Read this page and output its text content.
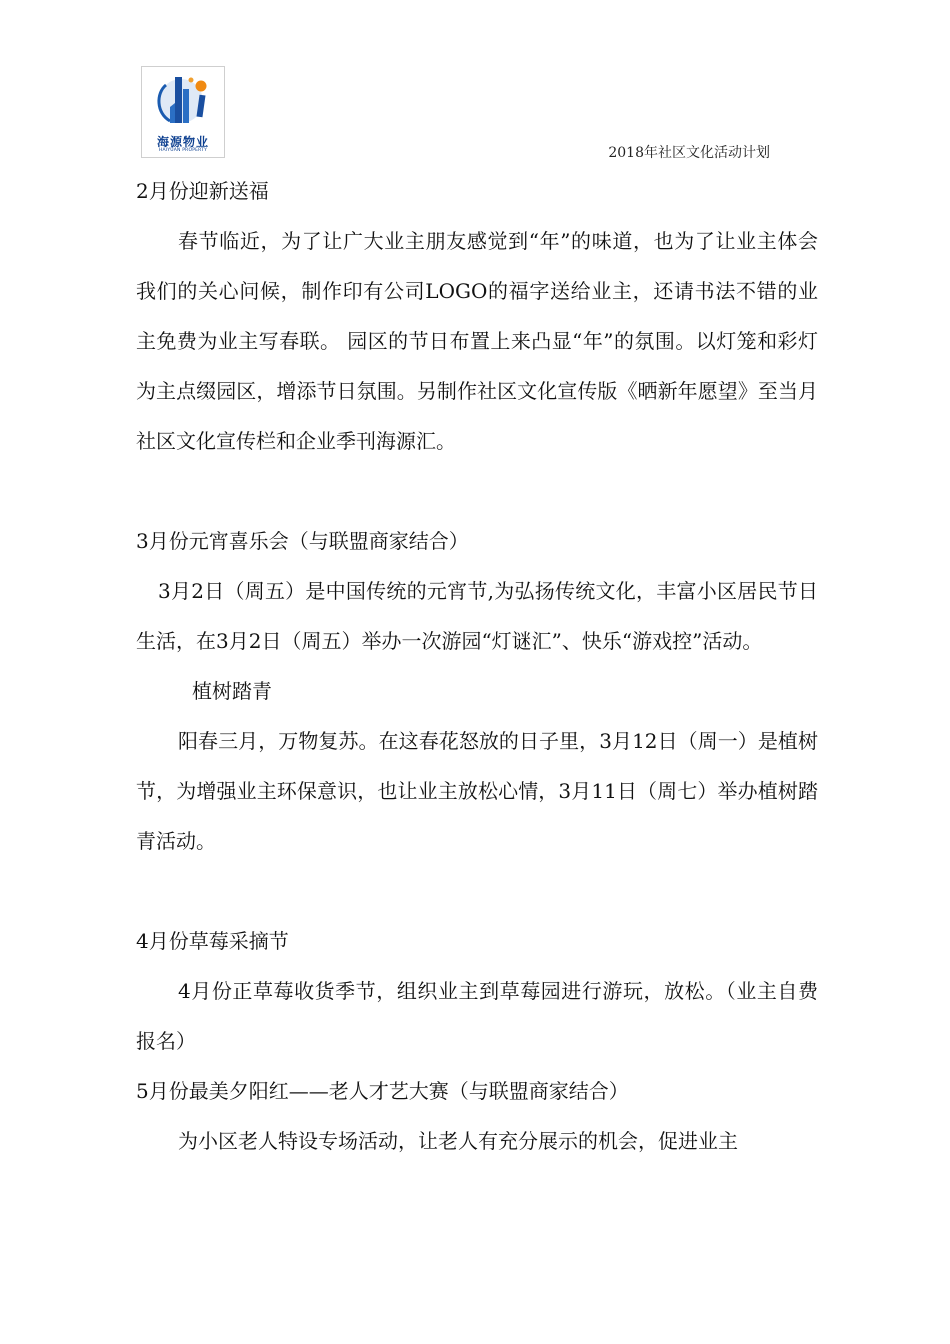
海源物业
HAIYUAN PROPERTY	2018年社区文化活动计划

2月份迎新送福

春节临近，为了让广大业主朋友感觉到“年”的味道，也为了让业主体会我们的关心问候，制作印有公司LOGO的福字送给业主，还请书法不错的业主免费为业主写春联。 园区的节日布置上来凸显“年”的氛围。以灯笼和彩灯为主点缀园区，增添节日氛围。另制作社区文化宣传版《晒新年愿望》至当月社区文化宣传栏和企业季刊海源汇。

3月份元宵喜乐会（与联盟商家结合）

3月2日（周五）是中国传统的元宵节,为弘扬传统文化，丰富小区居民节日生活，在3月2日（周五）举办一次游园“灯谜汇”、快乐“游戏控”活动。

植树踏青

阳春三月，万物复苏。在这春花怒放的日子里，3月12日（周一）是植树节，为增强业主环保意识，也让业主放松心情，3月11日（周七）举办植树踏青活动。

4月份草莓采摘节

4月份正草莓收货季节，组织业主到草莓园进行游玩，放松。（业主自费报名）

5月份最美夕阳红——老人才艺大赛（与联盟商家结合）

为小区老人特设专场活动，让老人有充分展示的机会，促进业主
